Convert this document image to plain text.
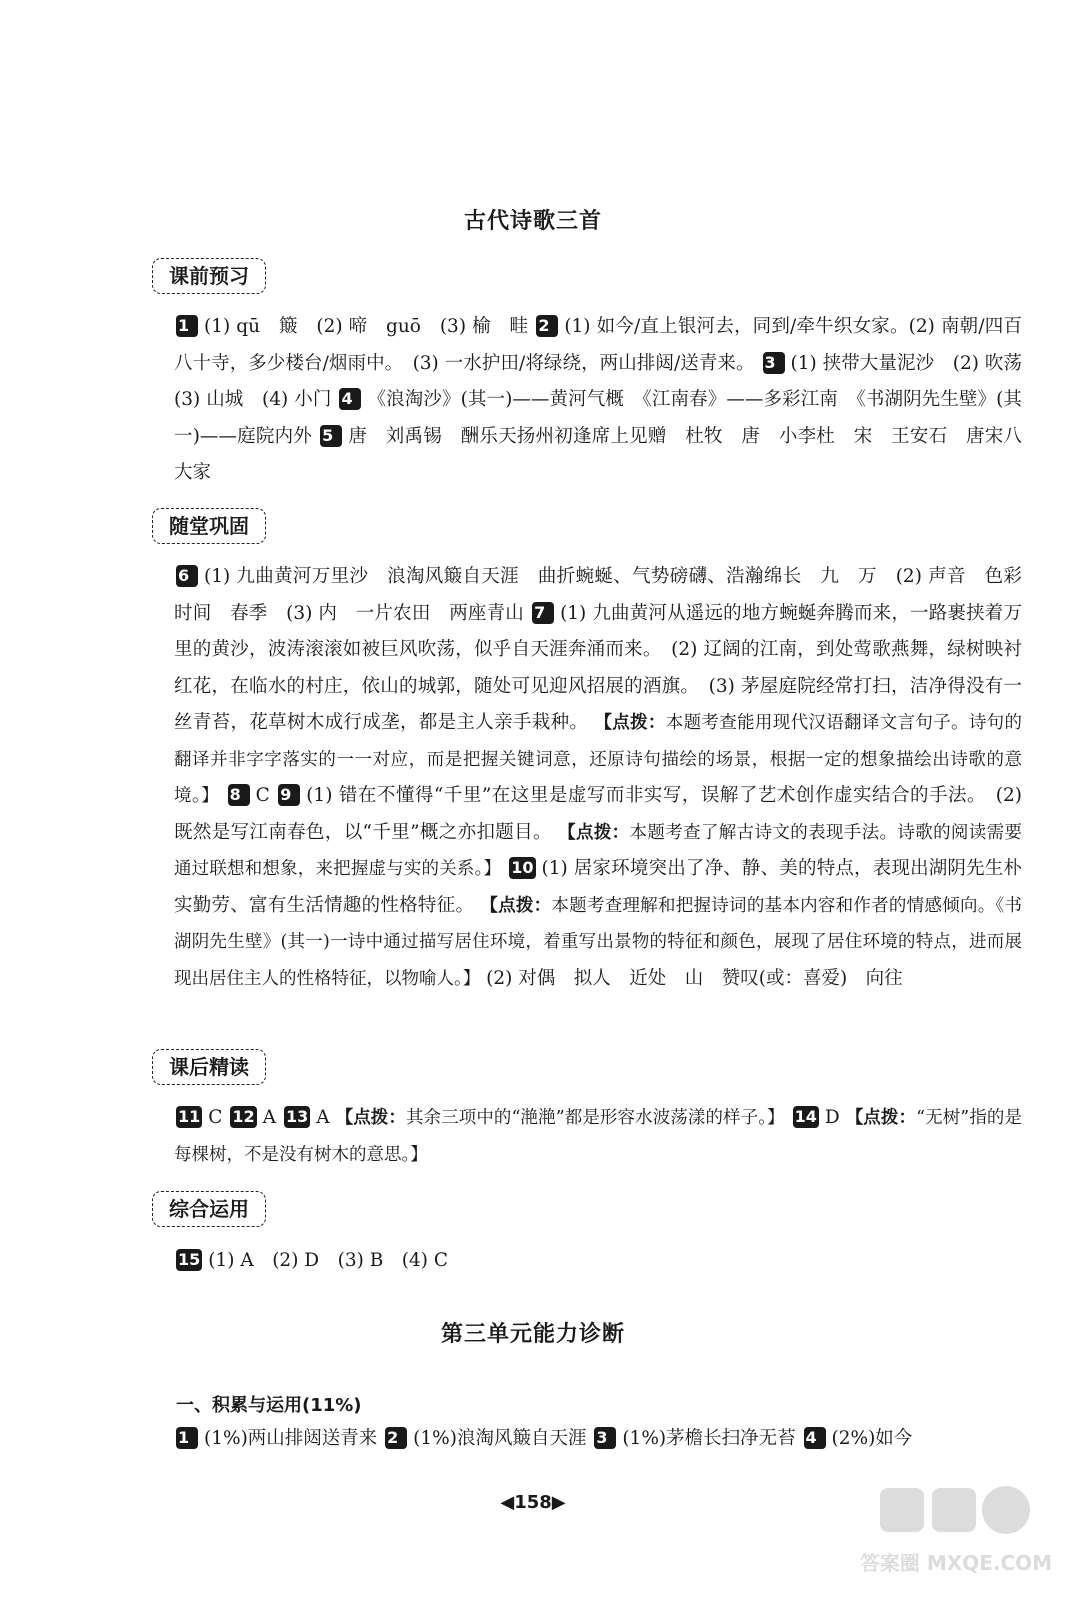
古代诗歌三首
课前预习
1 (1) qū　簸　(2) 啼　guō　(3) 榆　畦 2 (1) 如今/直上银河去，同到/牵牛织女家。(2) 南朝/四百八十寺，多少楼台/烟雨中。　(3) 一水护田/将绿绕，两山排闼/送青来。 3 (1) 挟带大量泥沙　(2) 吹荡　(3) 山城　(4) 小门 4 《浪淘沙》(其一)——黄河气概　《江南春》——多彩江南　《书湖阴先生壁》(其一)——庭院内外 5 唐　刘禹锡　酬乐天扬州初逢席上见赠　杜牧　唐　小李杜　宋　王安石　唐宋八大家
随堂巩固
6 (1) 九曲黄河万里沙　浪淘风簸自天涯　曲折蜿蜒、气势磅礴、浩瀚绵长　九　万　(2) 声音　色彩　时间　春季　(3) 内　一片农田　两座青山 7 (1) 九曲黄河从遥远的地方蜿蜒奔腾而来，一路裹挟着万里的黄沙，波涛滚滚如被巨风吹荡，似乎自天涯奔涌而来。　(2) 辽阔的江南，到处莺歌燕舞，绿树映衬红花，在临水的村庄，依山的城郭，随处可见迎风招展的酒旗。　(3) 茅屋庭院经常打扫，洁净得没有一丝青苔，花草树木成行成垄，都是主人亲手栽种。 【点拨：本题考查能用现代汉语翻译文言句子。诗句的翻译并非字字落实的一一对应，而是把握关键词意，还原诗句描绘的场景，根据一定的想象描绘出诗歌的意境。】 8 C 9 (1) 错在不懂得“千里”在这里是虚写而非实写，误解了艺术创作虚实结合的手法。　(2) 既然是写江南春色，以“千里”概之亦扣题目。 【点拨：本题考查了解古诗文的表现手法。诗歌的阅读需要通过联想和想象，来把握虚与实的关系。】 10 (1) 居家环境突出了净、静、美的特点，表现出湖阴先生朴实勤劳、富有生活情趣的性格特征。 【点拨：本题考查理解和把握诗词的基本内容和作者的情感倾向。《书湖阴先生壁》(其一)一诗中通过描写居住环境，着重写出景物的特征和颜色，展现了居住环境的特点，进而展现出居住主人的性格特征，以物喻人。】 (2) 对偶　拟人　近处　山　赞叹(或：喜爱)　向往
课后精读
11 C 12 A 13 A 【点拨：其余三项中的“滟滟”都是形容水波荡漾的样子。】 14 D 【点拨：“无树”指的是每棵树，不是没有树木的意思。】
综合运用
15 (1) A　(2) D　(3) B　(4) C
第三单元能力诊断
一、积累与运用(11%)
1 (1%)两山排闼送青来 2 (1%)浪淘风簸自天涯 3 (1%)茅檐长扫净无苔 4 (2%)如今
◀158▶
答案圈 MXQE.COM
